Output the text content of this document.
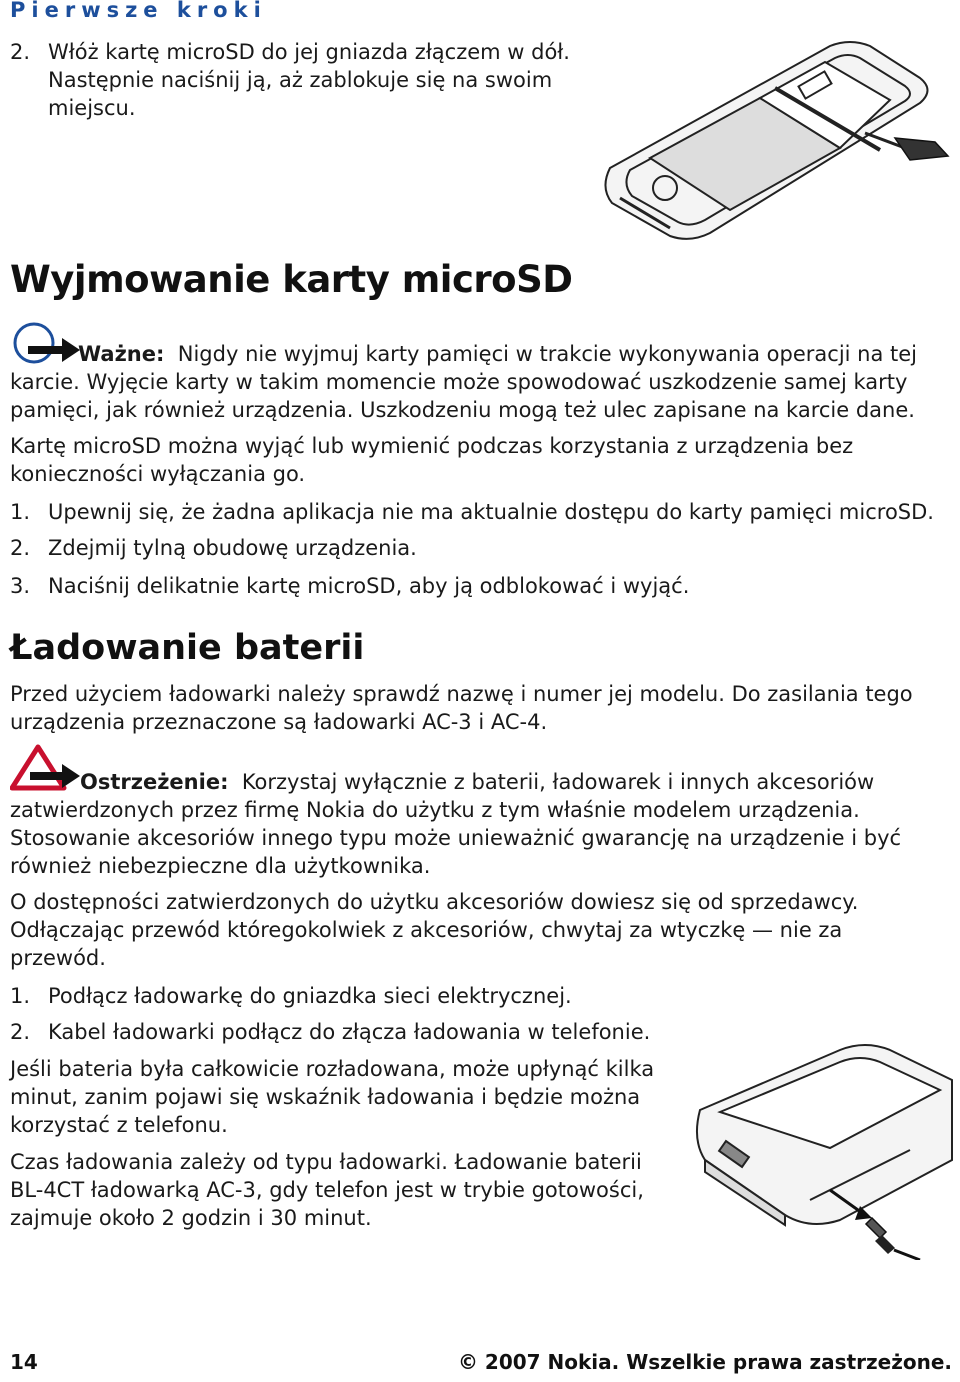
Pierwsze kroki
2. Włóż kartę microSD do jej gniazda złączem w dół.
Następnie naciśnij ją, aż zablokuje się na swoim
miejscu.
Wyjmowanie karty microSD
Ważne: Nigdy nie wyjmuj karty pamięci w trakcie wykonywania operacji na tej
karcie. Wyjęcie karty w takim momencie może spowodować uszkodzenie samej karty
pamięci, jak również urządzenia. Uszkodzeniu mogą też ulec zapisane na karcie dane.
Kartę microSD można wyjąć lub wymienić podczas korzystania z urządzenia bez
konieczności wyłączania go.
1. Upewnij się, że żadna aplikacja nie ma aktualnie dostępu do karty pamięci microSD.
2. Zdejmij tylną obudowę urządzenia.
3. Naciśnij delikatnie kartę microSD, aby ją odblokować i wyjąć.
Ładowanie baterii
Przed użyciem ładowarki należy sprawdź nazwę i numer jej modelu. Do zasilania tego
urządzenia przeznaczone są ładowarki AC-3 i AC-4.
Ostrzeżenie: Korzystaj wyłącznie z baterii, ładowarek i innych akcesoriów
zatwierdzonych przez firmę Nokia do użytku z tym właśnie modelem urządzenia.
Stosowanie akcesoriów innego typu może unieważnić gwarancję na urządzenie i być
również niebezpieczne dla użytkownika.
O dostępności zatwierdzonych do użytku akcesoriów dowiesz się od sprzedawcy.
Odłączając przewód któregokolwiek z akcesoriów, chwytaj za wtyczkę — nie za
przewód.
1. Podłącz ładowarkę do gniazdka sieci elektrycznej.
2. Kabel ładowarki podłącz do złącza ładowania w telefonie.
Jeśli bateria była całkowicie rozładowana, może upłynąć kilka
minut, zanim pojawi się wskaźnik ładowania i będzie można
korzystać z telefonu.
Czas ładowania zależy od typu ładowarki. Ładowanie baterii
BL-4CT ładowarką AC-3, gdy telefon jest w trybie gotowości,
zajmuje około 2 godzin i 30 minut.
14	© 2007 Nokia. Wszelkie prawa zastrzeżone.
